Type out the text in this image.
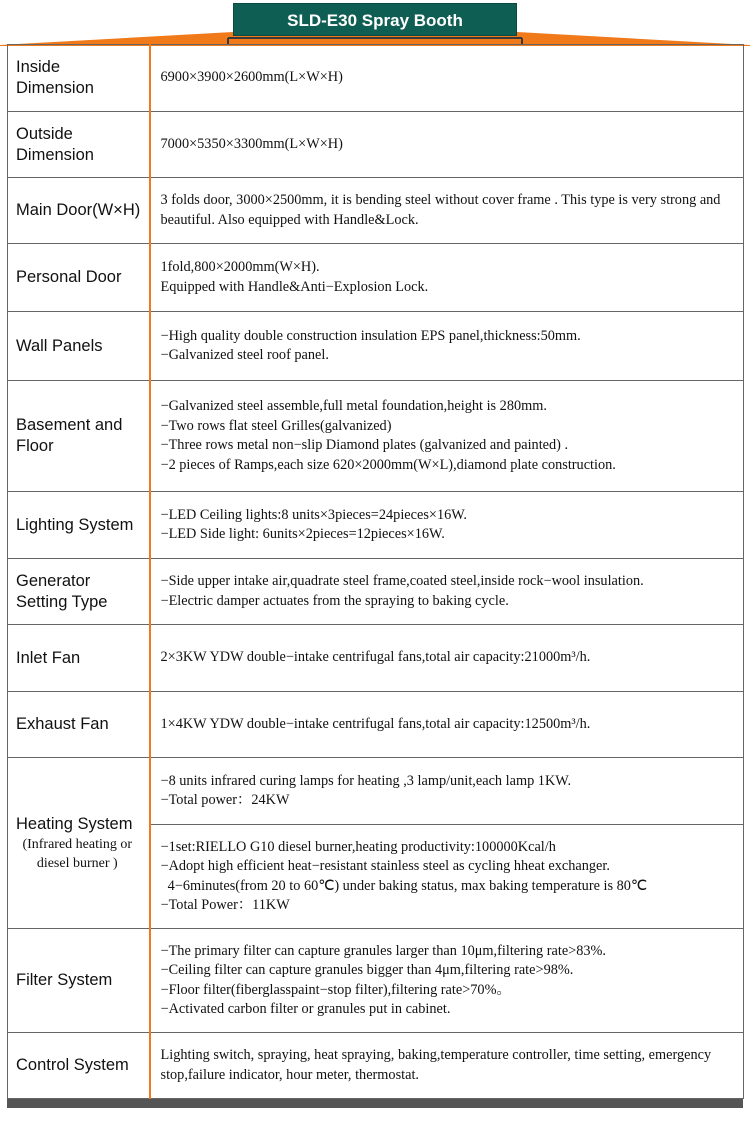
SLD-E30 Spray Booth
Inside Dimension	6900×3900×2600mm(L×W×H)

Outside Dimension	7000×5350×3300mm(L×W×H)

Main Door(W×H)	3 folds door, 3000×2500mm, it is bending steel without cover frame . This type is very strong and beautiful. Also equipped with Handle&Lock.

Personal Door	1fold,800×2000mm(W×H).
Equipped with Handle&Anti−Explosion Lock.

Wall Panels	−High quality double construction insulation EPS panel,thickness:50mm.
−Galvanized steel roof panel.

Basement and Floor	−Galvanized steel assemble,full metal foundation,height is 280mm.
−Two rows flat steel Grilles(galvanized)
−Three rows metal non−slip Diamond plates (galvanized and painted) .
−2 pieces of Ramps,each size 620×2000mm(W×L),diamond plate construction.

Lighting System	−LED Ceiling lights:8 units×3pieces=24pieces×16W.
−LED Side light: 6units×2pieces=12pieces×16W.

Generator Setting Type	−Side upper intake air,quadrate steel frame,coated steel,inside rock−wool insulation.
−Electric damper actuates from the spraying to baking cycle.

Inlet Fan	2×3KW YDW double−intake centrifugal fans,total air capacity:21000m³/h.

Exhaust Fan	1×4KW YDW double−intake centrifugal fans,total air capacity:12500m³/h.

Heating System
(Infrared heating or diesel burner )	−8 units infrared curing lamps for heating ,3 lamp/unit,each lamp 1KW.
−Total power：24KW

	−1set:RIELLO G10 diesel burner,heating productivity:100000Kcal/h
−Adopt high efficient heat−resistant stainless steel as cycling hheat exchanger.
4−6minutes(from 20 to 60℃) under baking status, max baking temperature is 80℃
−Total Power：11KW

Filter System	−The primary filter can capture granules larger than 10μm,filtering rate>83%.
−Ceiling filter can capture granules bigger than 4μm,filtering rate>98%.
−Floor filter(fiberglasspaint−stop filter),filtering rate>70%。
−Activated carbon filter or granules put in cabinet.

Control System	Lighting switch, spraying, heat spraying, baking,temperature controller, time setting, emergency stop,failure indicator, hour meter, thermostat.
